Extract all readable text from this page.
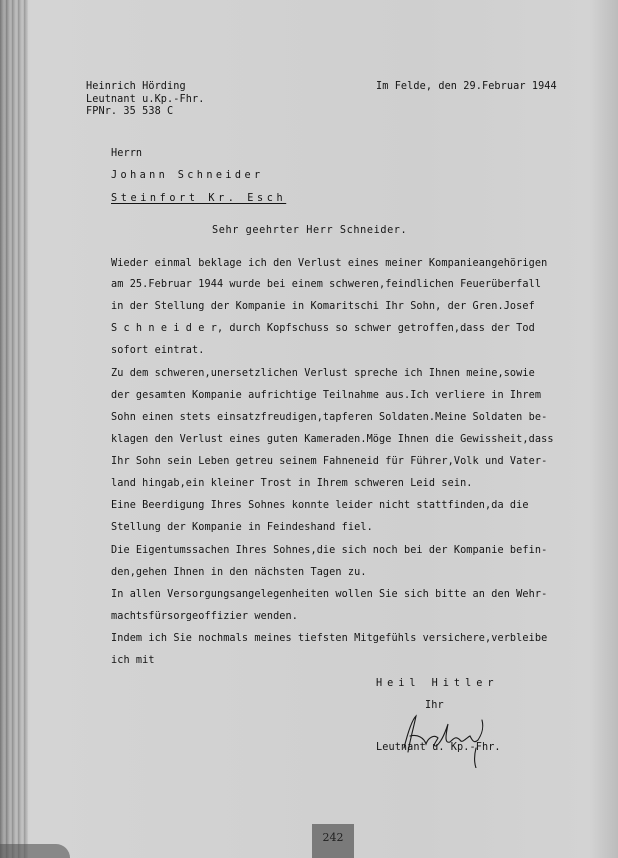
Heinrich Hörding
Leutnant u.Kp.-Fhr.
FPNr. 35 538 C
Im Felde, den 29.Februar 1944
Herrn
Johann Schneider
Steinfort Kr. Esch
Sehr geehrter Herr Schneider.
Wieder einmal beklage ich den Verlust eines meiner Kompanieangehörigen
am 25.Februar 1944 wurde bei einem schweren,feindlichen Feuerüberfall
in der Stellung der Kompanie in Komaritschi Ihr Sohn, der Gren.Josef
S c h n e i d e r, durch Kopfschuss so schwer getroffen,dass der Tod
sofort eintrat.
Zu dem schweren,unersetzlichen Verlust spreche ich Ihnen meine,sowie
der gesamten Kompanie aufrichtige Teilnahme aus.Ich verliere in Ihrem
Sohn einen stets einsatzfreudigen,tapferen Soldaten.Meine Soldaten be-
klagen den Verlust eines guten Kameraden.Möge Ihnen die Gewissheit,dass
Ihr Sohn sein Leben getreu seinem Fahneneid für Führer,Volk und Vater-
land hingab,ein kleiner Trost in Ihrem schweren Leid sein.
Eine Beerdigung Ihres Sohnes konnte leider nicht stattfinden,da die
Stellung der Kompanie in Feindeshand fiel.
Die Eigentumssachen Ihres Sohnes,die sich noch bei der Kompanie befin-
den,gehen Ihnen in den nächsten Tagen zu.
In allen Versorgungsangelegenheiten wollen Sie sich bitte an den Wehr-
machtsfürsorgeoffizier wenden.
Indem ich Sie nochmals meines tiefsten Mitgefühls versichere,verbleibe
ich mit
Heil Hitler
Ihr
Leutnant u. Kp.-Fhr.
242
